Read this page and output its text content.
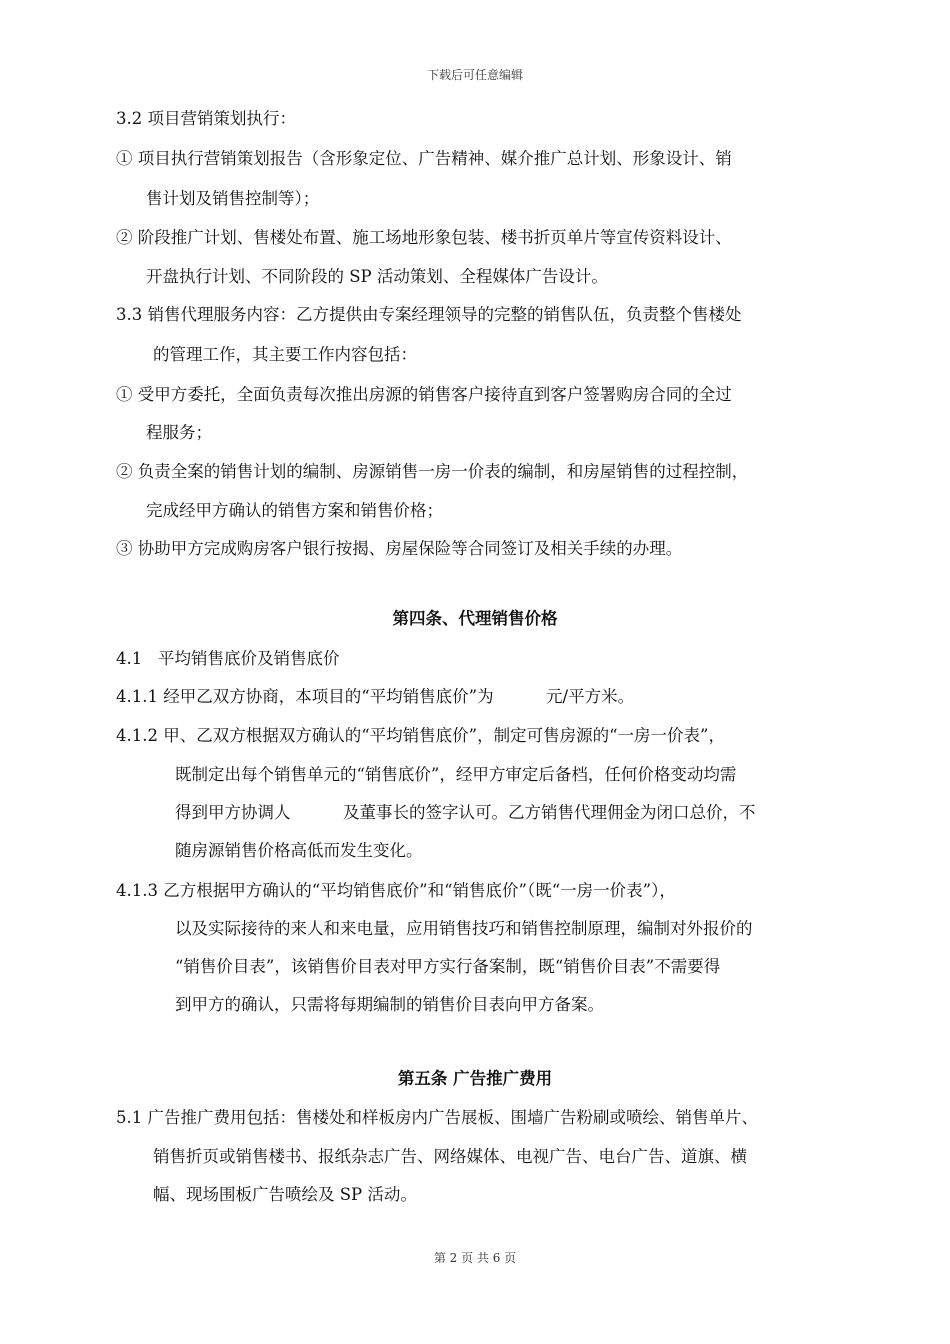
下载后可任意编辑
3.2 项目营销策划执行：
① 项目执行营销策划报告（含形象定位、广告精神、媒介推广总计划、形象设计、销
售计划及销售控制等）；
② 阶段推广计划、售楼处布置、施工场地形象包装、楼书折页单片等宣传资料设计、
开盘执行计划、不同阶段的 SP 活动策划、全程媒体广告设计。
3.3 销售代理服务内容：乙方提供由专案经理领导的完整的销售队伍，负责整个售楼处
的管理工作，其主要工作内容包括：
① 受甲方委托，全面负责每次推出房源的销售客户接待直到客户签署购房合同的全过
程服务；
② 负责全案的销售计划的编制、房源销售一房一价表的编制，和房屋销售的过程控制，
完成经甲方确认的销售方案和销售价格；
③ 协助甲方完成购房客户银行按揭、房屋保险等合同签订及相关手续的办理。
第四条、代理销售价格
4.1   平均销售底价及销售底价
4.1.1 经甲乙双方协商，本项目的“平均销售底价”为          元/平方米。
4.1.2 甲、乙双方根据双方确认的“平均销售底价”，制定可售房源的“一房一价表”，
既制定出每个销售单元的“销售底价”，经甲方审定后备档，任何价格变动均需
得到甲方协调人          及董事长的签字认可。乙方销售代理佣金为闭口总价，不
随房源销售价格高低而发生变化。
4.1.3 乙方根据甲方确认的“平均销售底价”和“销售底价”（既“一房一价表”），
以及实际接待的来人和来电量，应用销售技巧和销售控制原理，编制对外报价的
“销售价目表”，该销售价目表对甲方实行备案制，既“销售价目表”不需要得
到甲方的确认，只需将每期编制的销售价目表向甲方备案。
第五条 广告推广费用
5.1 广告推广费用包括：售楼处和样板房内广告展板、围墙广告粉刷或喷绘、销售单片、
销售折页或销售楼书、报纸杂志广告、网络媒体、电视广告、电台广告、道旗、横
幅、现场围板广告喷绘及 SP 活动。
第 2 页 共 6 页
